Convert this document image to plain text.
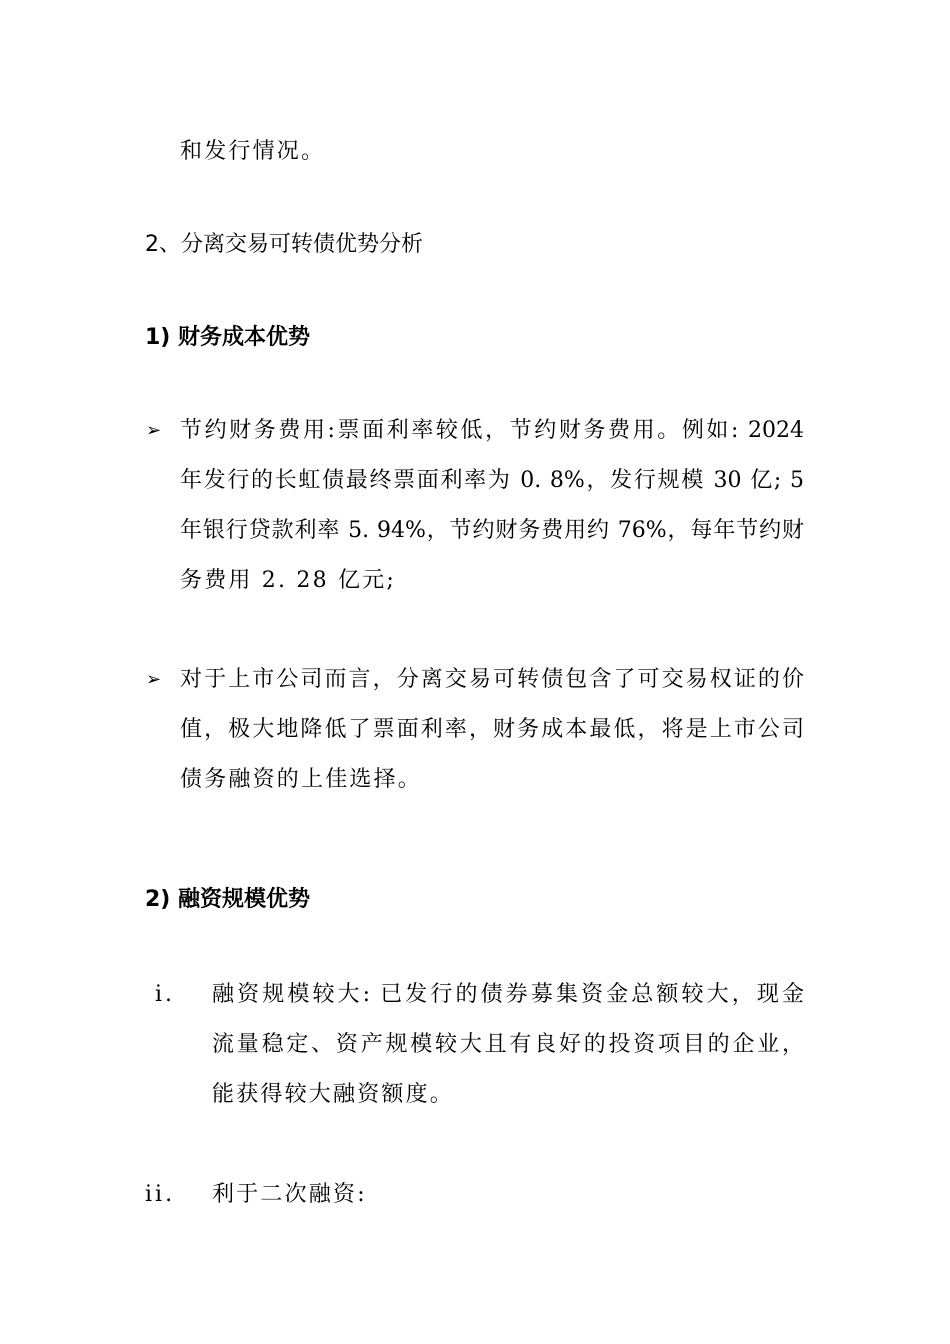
和发行情况。
2、分离交易可转债优势分析
1) 财务成本优势
➢ 节约财务费用:票面利率较低，节约财务费用。例如: 2024
年发行的长虹债最终票面利率为 0. 8%，发行规模 30 亿; 5
年银行贷款利率 5. 94%，节约财务费用约 76%，每年节约财
务费用 2. 28 亿元;
➢ 对于上市公司而言，分离交易可转债包含了可交易权证的价
值，极大地降低了票面利率，财务成本最低，将是上市公司
债务融资的上佳选择。
2) 融资规模优势
i. 融资规模较大: 已发行的债券募集资金总额较大，现金
流量稳定、资产规模较大且有良好的投资项目的企业，
能获得较大融资额度。
ii. 利于二次融资:
